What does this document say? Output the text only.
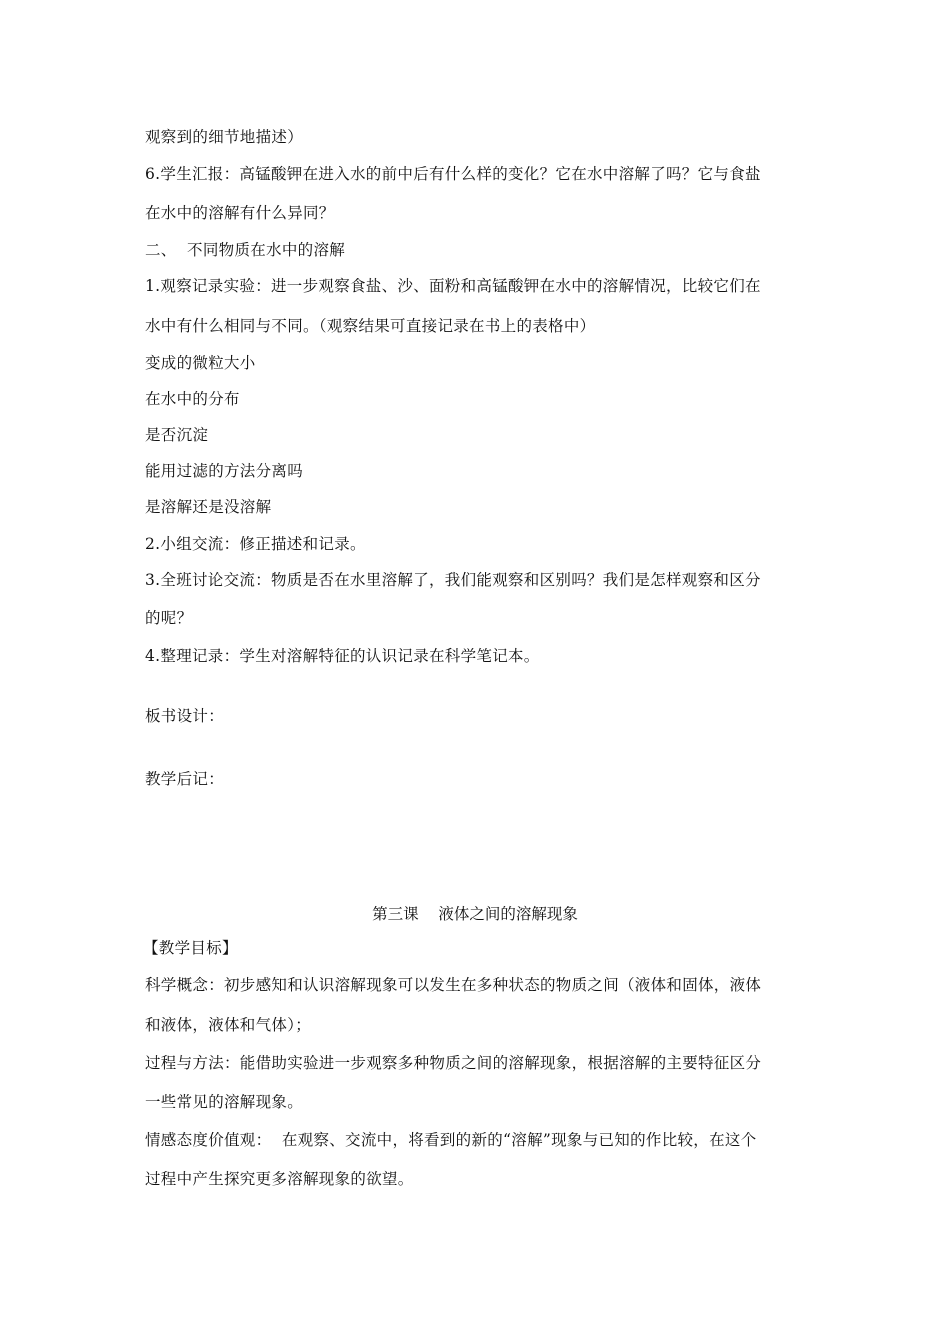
观察到的细节地描述）
6.学生汇报：高锰酸钾在进入水的前中后有什么样的变化？它在水中溶解了吗？它与食盐
在水中的溶解有什么异同？
二、  不同物质在水中的溶解
1.观察记录实验：进一步观察食盐、沙、面粉和高锰酸钾在水中的溶解情况，比较它们在
水中有什么相同与不同。（观察结果可直接记录在书上的表格中）
变成的微粒大小
在水中的分布
是否沉淀
能用过滤的方法分离吗
是溶解还是没溶解
2.小组交流：修正描述和记录。
3.全班讨论交流：物质是否在水里溶解了，我们能观察和区别吗？我们是怎样观察和区分
的呢？
4.整理记录：学生对溶解特征的认识记录在科学笔记本。
板书设计：
教学后记：
第三课    液体之间的溶解现象
【教学目标】
科学概念：初步感知和认识溶解现象可以发生在多种状态的物质之间（液体和固体，液体
和液体，液体和气体）；
过程与方法：能借助实验进一步观察多种物质之间的溶解现象，根据溶解的主要特征区分
一些常见的溶解现象。
情感态度价值观：  在观察、交流中，将看到的新的“溶解”现象与已知的作比较，在这个
过程中产生探究更多溶解现象的欲望。
